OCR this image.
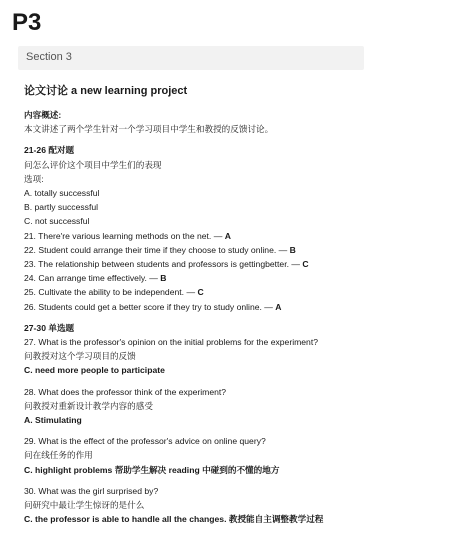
P3
Section 3
论文讨论 a new learning project
内容概述:
本文讲述了两个学生针对一个学习项目中学生和教授的反馈讨论。
21-26 配对题
问怎么评价这个项目中学生们的表现
选项:
A. totally successful
B. partly successful
C. not successful
21. There're various learning methods on the net. — A
22. Student could arrange their time if they choose to study online. — B
23. The relationship between students and professors is gettingbetter. — C
24. Can arrange time effectively. — B
25. Cultivate the ability to be independent. — C
26. Students could get a better score if they try to study online. — A
27-30 单选题
27. What is the professor's opinion on the initial problems for the experiment?
问教授对这个学习项目的反馈
C. need more people to participate
28. What does the professor think of the experiment?
问教授对重新设计教学内容的感受
A. Stimulating
29. What is the effect of the professor's advice on online query?
问在线任务的作用
C. highlight problems 帮助学生解决 reading 中碰到的不懂的地方
30. What was the girl surprised by?
问研究中最让学生惊讶的是什么
C. the professor is able to handle all the changes. 教授能自主调整教学过程
